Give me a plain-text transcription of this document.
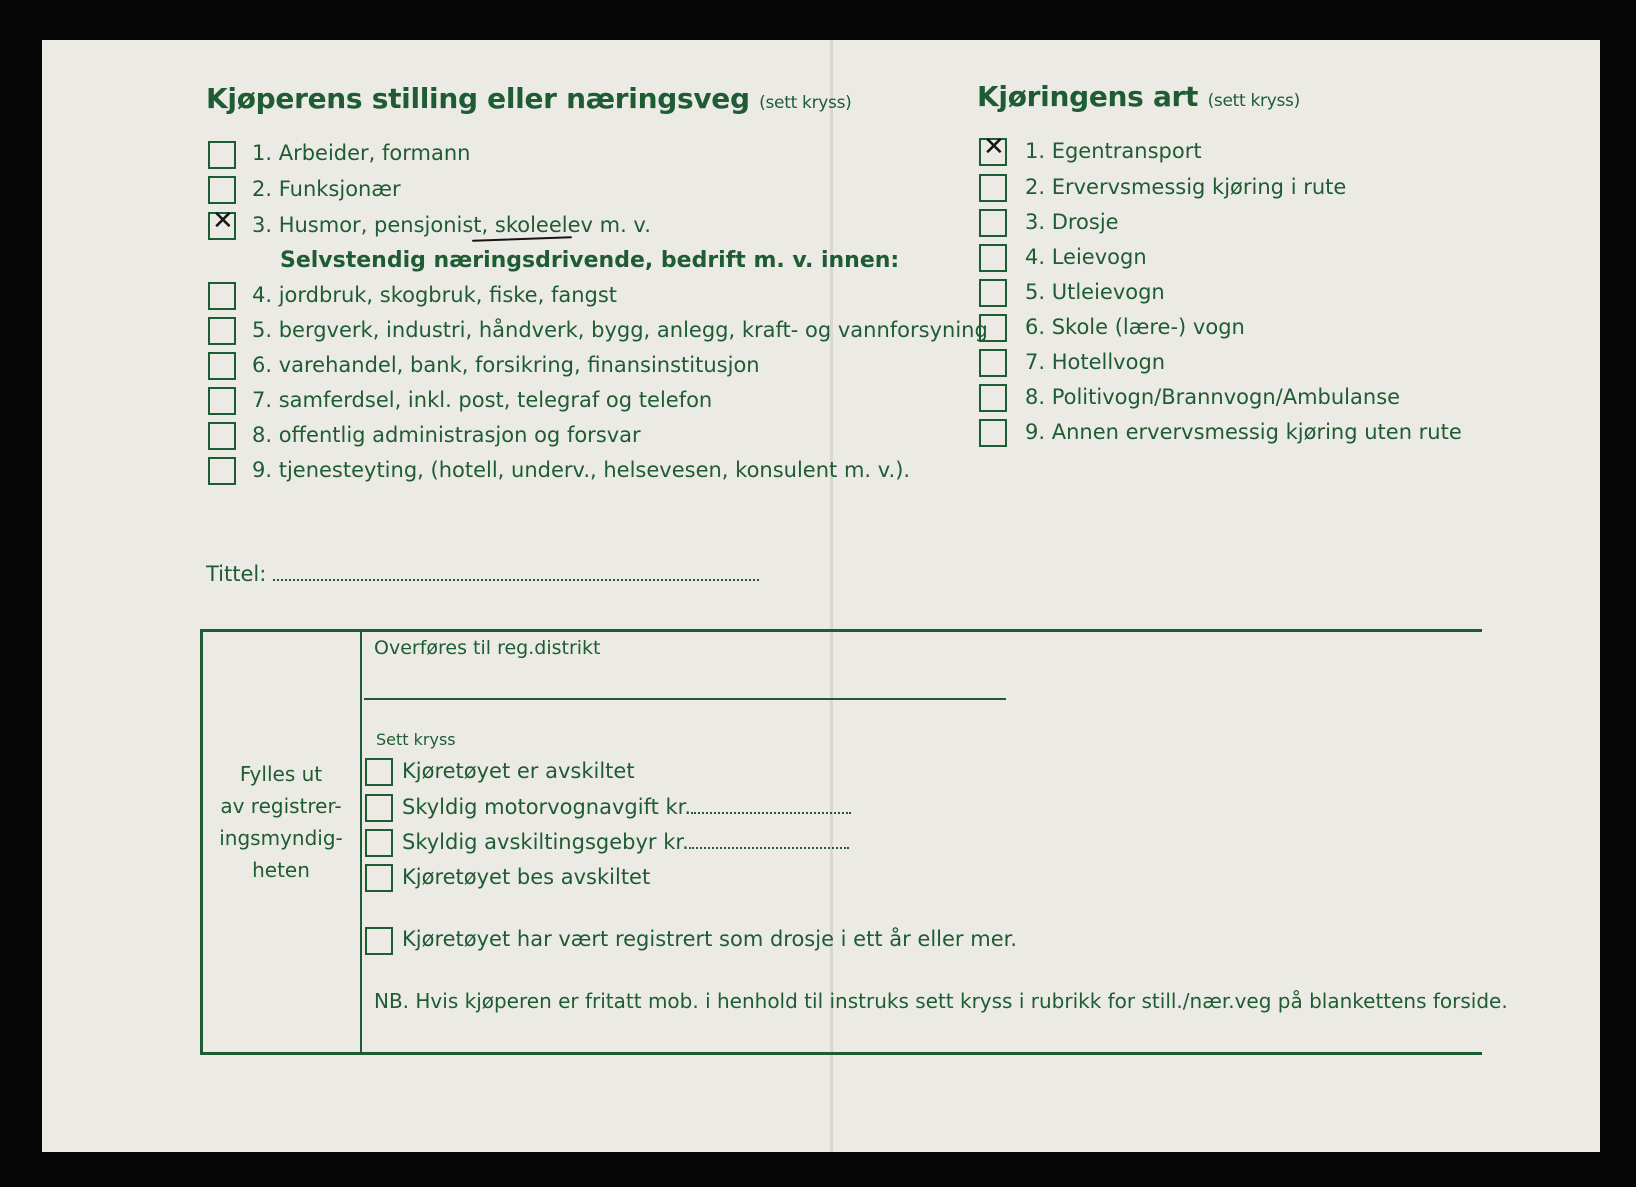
Kjøperens stilling eller næringsveg (sett kryss)	Kjøringens art (sett kryss)
1. Arbeider, formann
2. Funksjonær
✕ 3. Husmor, pensjonist, skoleelev m. v.
Selvstendig næringsdrivende, bedrift m. v. innen:
4. jordbruk, skogbruk, fiske, fangst
5. bergverk, industri, håndverk, bygg, anlegg, kraft- og vannforsyning
6. varehandel, bank, forsikring, finansinstitusjon
7. samferdsel, inkl. post, telegraf og telefon
8. offentlig administrasjon og forsvar
9. tjenesteyting, (hotell, underv., helsevesen, konsulent m. v.).
✕ 1. Egentransport
2. Ervervsmessig kjøring i rute
3. Drosje
4. Leievogn
5. Utleievogn
6. Skole (lære-) vogn
7. Hotellvogn
8. Politivogn/Brannvogn/Ambulanse
9. Annen ervervsmessig kjøring uten rute
Tittel:
Fylles ut
av registrer-
ingsmyndig-
heten
Overføres til reg.distrikt
Sett kryss
Kjøretøyet er avskiltet
Skyldig motorvognavgift kr.
Skyldig avskiltingsgebyr kr.
Kjøretøyet bes avskiltet
Kjøretøyet har vært registrert som drosje i ett år eller mer.
NB. Hvis kjøperen er fritatt mob. i henhold til instruks sett kryss i rubrikk for still./nær.veg på blankettens forside.
